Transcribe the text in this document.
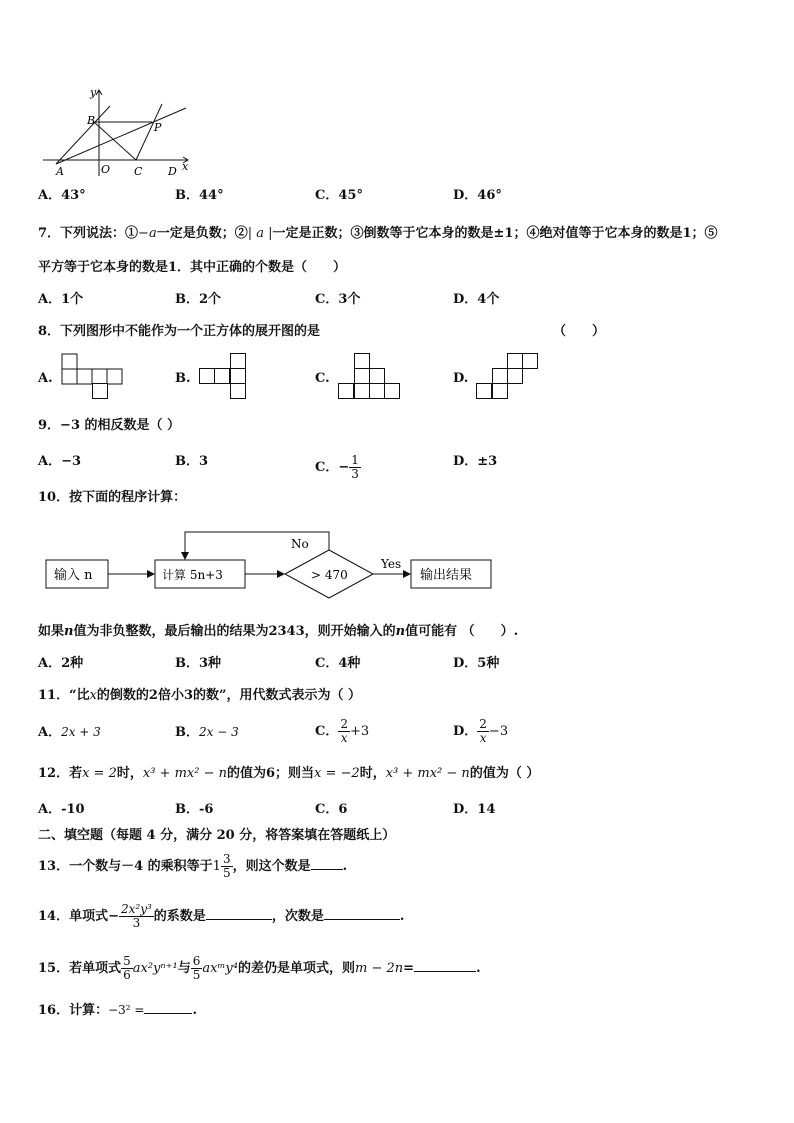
y
x
B
P
A	O C D
A．43°	B．44°	C．45°	D．46°
7．下列说法：①−a一定是负数；②| a |一定是正数；③倒数等于它本身的数是±1；④绝对值等于它本身的数是1；⑤
平方等于它本身的数是1．其中正确的个数是（　　）
A．1个	B．2个	C．3个	D．4个
8．下列图形中不能作为一个正方体的展开图的是	（　　）
A.	B.	C.	D.
9．−3 的相反数是（ ）
A．−3	B．3	C．− $\frac{1}{3}$	D．±3
10．按下面的程序计算：
输入 n	计算 5n+3	> 470
Yes
No
输出结果
如果n值为非负整数，最后输出的结果为2343，则开始输入的n值可能有 （　　）.
A．2种	B．3种	C．4种	D．5种
11．“比x的倒数的2倍小3的数”，用代数式表示为（ ）
A．2x + 3	B．2x − 3	C． $\frac{2}{x} +3$	D． $\frac{2}{x} -3$
12．若x = 2时，x³ + mx² − n的值为6；则当x = −2时，x³ + mx² − n的值为（ ）
A．-10	B．-6	C．6	D．14
二、填空题（每题 4 分，满分 20 分，将答案填在答题纸上）
13．一个数与－4 的乘积等于$1 \frac{3}{5}$ ，则这个数是 .
14．单项式− $\frac{\text{2x²y³}}{3}$ 的系数是	，次数是	.
15．若单项式 $\frac{5}{6} ax^2y^{n+1}$与 $\frac{6}{5}$ axᵐy⁴的差仍是单项式，则m − 2n=	.
16．计算：−3² =	.
